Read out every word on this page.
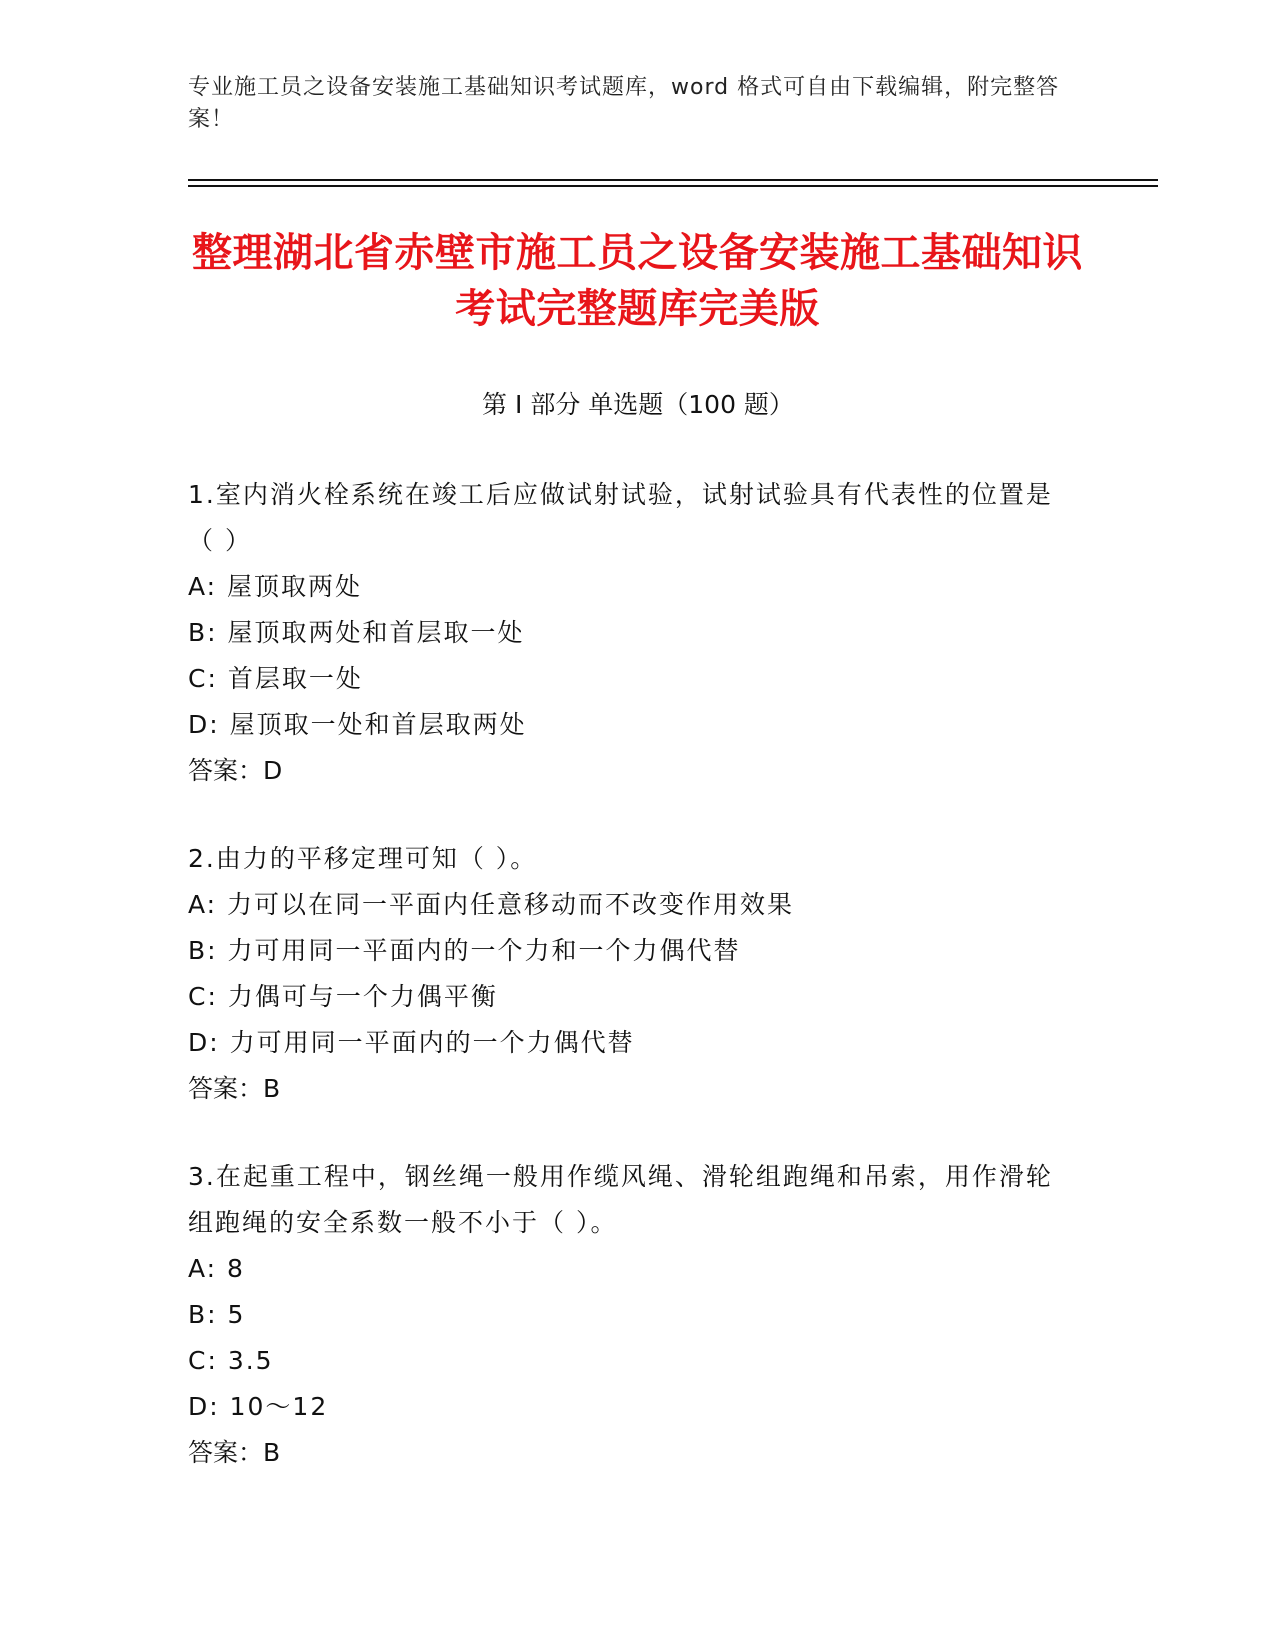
专业施工员之设备安装施工基础知识考试题库，word 格式可自由下载编辑，附完整答案！
整理湖北省赤壁市施工员之设备安装施工基础知识考试完整题库完美版
第 I 部分 单选题（100 题）
1.室内消火栓系统在竣工后应做试射试验，试射试验具有代表性的位置是（ ）
A: 屋顶取两处
B: 屋顶取两处和首层取一处
C: 首层取一处
D: 屋顶取一处和首层取两处
答案：D
2.由力的平移定理可知（ ）。
A: 力可以在同一平面内任意移动而不改变作用效果
B: 力可用同一平面内的一个力和一个力偶代替
C: 力偶可与一个力偶平衡
D: 力可用同一平面内的一个力偶代替
答案：B
3.在起重工程中，钢丝绳一般用作缆风绳、滑轮组跑绳和吊索，用作滑轮组跑绳的安全系数一般不小于（ ）。
A: 8
B: 5
C: 3.5
D: 10～12
答案：B
